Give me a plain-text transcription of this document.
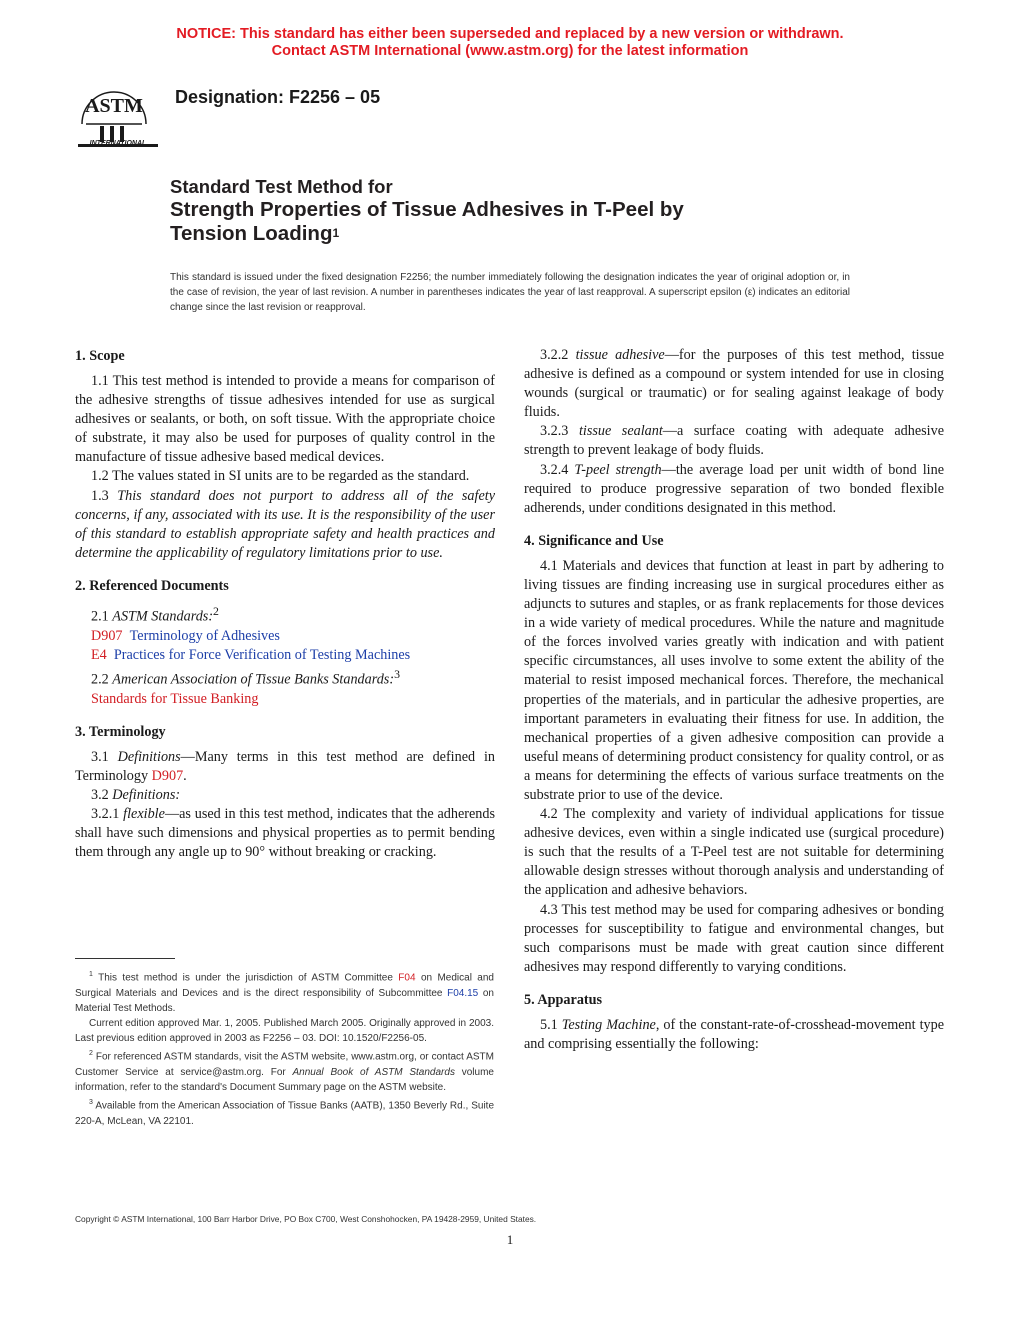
NOTICE: This standard has either been superseded and replaced by a new version or withdrawn.
Contact ASTM International (www.astm.org) for the latest information
ASTM
INTERNATIONAL
Designation: F2256 – 05
Standard Test Method for
Strength Properties of Tissue Adhesives in T-Peel by
Tension Loading$^1$
This standard is issued under the fixed designation F2256; the number immediately following the designation indicates the year of original adoption or, in the case of revision, the year of last revision. A number in parentheses indicates the year of last reapproval. A superscript epsilon (ε) indicates an editorial change since the last revision or reapproval.
1. Scope

1.1 This test method is intended to provide a means for comparison of the adhesive strengths of tissue adhesives intended for use as surgical adhesives or sealants, or both, on soft tissue. With the appropriate choice of substrate, it may also be used for purposes of quality control in the manufacture of tissue adhesive based medical devices.

1.2 The values stated in SI units are to be regarded as the standard.

1.3 This standard does not purport to address all of the safety concerns, if any, associated with its use. It is the responsibility of the user of this standard to establish appropriate safety and health practices and determine the applicability of regulatory limitations prior to use.

2. Referenced Documents

2.1 ASTM Standards:$^2$

D907 Terminology of Adhesives

E4 Practices for Force Verification of Testing Machines

2.2 American Association of Tissue Banks Standards:$^3$

Standards for Tissue Banking

3. Terminology

3.1 Definitions—Many terms in this test method are defined in Terminology D907.

3.2 Definitions:

3.2.1 flexible—as used in this test method, indicates that the adherends shall have such dimensions and physical properties as to permit bending them through any angle up to 90° without breaking or cracking.

3.2.2 tissue adhesive—for the purposes of this test method, tissue adhesive is defined as a compound or system intended for use in closing wounds (surgical or traumatic) or for sealing against leakage of body fluids.

3.2.3 tissue sealant—a surface coating with adequate adhesive strength to prevent leakage of body fluids.

3.2.4 T-peel strength—the average load per unit width of bond line required to produce progressive separation of two bonded flexible adherends, under conditions designated in this method.

4. Significance and Use

4.1 Materials and devices that function at least in part by adhering to living tissues are finding increasing use in surgical procedures either as adjuncts to sutures and staples, or as frank replacements for those devices in a wide variety of medical procedures. While the nature and magnitude of the forces involved varies greatly with indication and with patient specific circumstances, all uses involve to some extent the ability of the material to resist imposed mechanical forces. Therefore, the mechanical properties of the materials, and in particular the adhesive properties, are important parameters in evaluating their fitness for use. In addition, the mechanical properties of a given adhesive composition can provide a useful means of determining product consistency for quality control, or as a means for determining the effects of various surface treatments on the substrate prior to use of the device.

4.2 The complexity and variety of individual applications for tissue adhesive devices, even within a single indicated use (surgical procedure) is such that the results of a T-Peel test are not suitable for determining allowable design stresses without thorough analysis and understanding of the application and adhesive behaviors.

4.3 This test method may be used for comparing adhesives or bonding processes for susceptibility to fatigue and environmental changes, but such comparisons must be made with great caution since different adhesives may respond differently to varying conditions.

5. Apparatus

5.1 Testing Machine, of the constant-rate-of-crosshead-movement type and comprising essentially the following:

$^1$ This test method is under the jurisdiction of ASTM Committee F04 on Medical and Surgical Materials and Devices and is the direct responsibility of Subcommittee F04.15 on Material Test Methods.

Current edition approved Mar. 1, 2005. Published March 2005. Originally approved in 2003. Last previous edition approved in 2003 as F2256 – 03. DOI: 10.1520/F2256-05.

$^2$ For referenced ASTM standards, visit the ASTM website, www.astm.org, or contact ASTM Customer Service at service@astm.org. For Annual Book of ASTM Standards volume information, refer to the standard's Document Summary page on the ASTM website.

$^3$ Available from the American Association of Tissue Banks (AATB), 1350 Beverly Rd., Suite 220-A, McLean, VA 22101.

Copyright © ASTM International, 100 Barr Harbor Drive, PO Box C700, West Conshohocken, PA 19428-2959, United States.
1
